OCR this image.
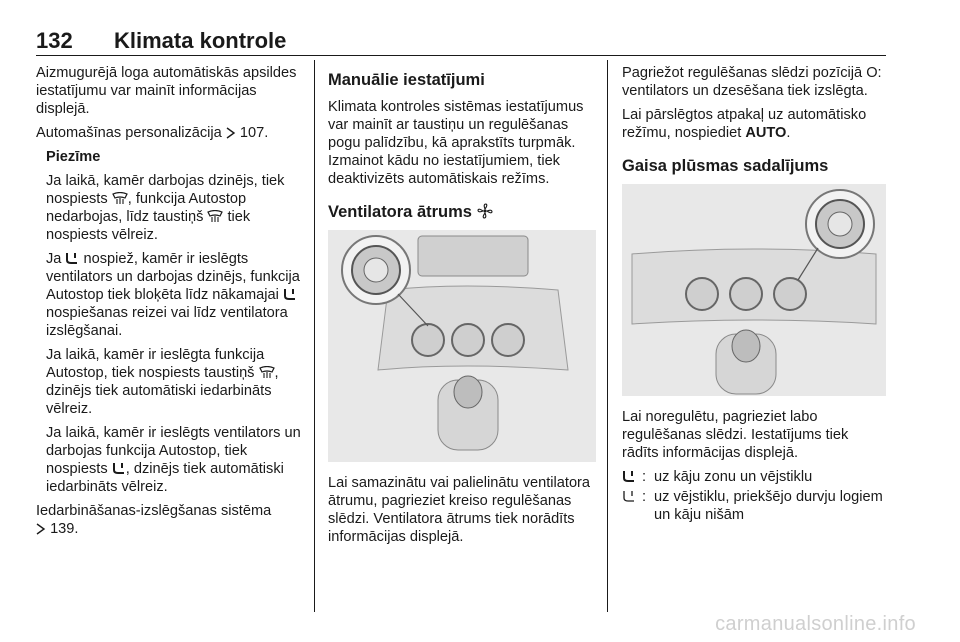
132 Klimata kontrole

Aizmugurējā loga automātiskās apsildes iestatījumu var mainīt informācijas displejā.

Automašīnas personalizācija  107.

Piezīme

Ja laikā, kamēr darbojas dzinējs, tiek nospiests , funkcija Autostop nedarbojas, līdz taustiņš  tiek nospiests vēlreiz.

Ja  nospiež, kamēr ir ieslēgts ventilators un darbojas dzinējs, funkcija Autostop tiek bloķēta līdz nākamajai  nospiešanas reizei vai līdz ventilatora izslēgšanai.

Ja laikā, kamēr ir ieslēgta funkcija Autostop, tiek nospiests taustiņš , dzinējs tiek automātiski iedarbināts vēlreiz.

Ja laikā, kamēr ir ieslēgts ventilators un darbojas funkcija Autostop, tiek nospiests , dzinējs tiek automātiski iedarbināts vēlreiz.

Iedarbināšanas-izslēgšanas sistēma
139.

Manuālie iestatījumi

Klimata kontroles sistēmas iestatījumus var mainīt ar taustiņu un regulēšanas pogu palīdzību, kā aprakstīts turpmāk. Izmainot kādu no iestatījumiem, tiek deaktivizēts automātiskais režīms.

Ventilatora ātrums

Lai samazinātu vai palielinātu ventilatora ātrumu, pagrieziet kreiso regulēšanas slēdzi. Ventilatora ātrums tiek norādīts informācijas displejā.

Pagriežot regulēšanas slēdzi pozīcijā O: ventilators un dzesēšana tiek izslēgta.

Lai pārslēgtos atpakaļ uz automātisko režīmu, nospiediet AUTO.

Gaisa plūsmas sadalījums

Lai noregulētu, pagrieziet labo regulēšanas slēdzi. Iestatījums tiek rādīts informācijas displejā.

: uz kāju zonu un vējstiklu
: uz vējstiklu, priekšējo durvju logiem un kāju nišām
carmanualsonline.info
